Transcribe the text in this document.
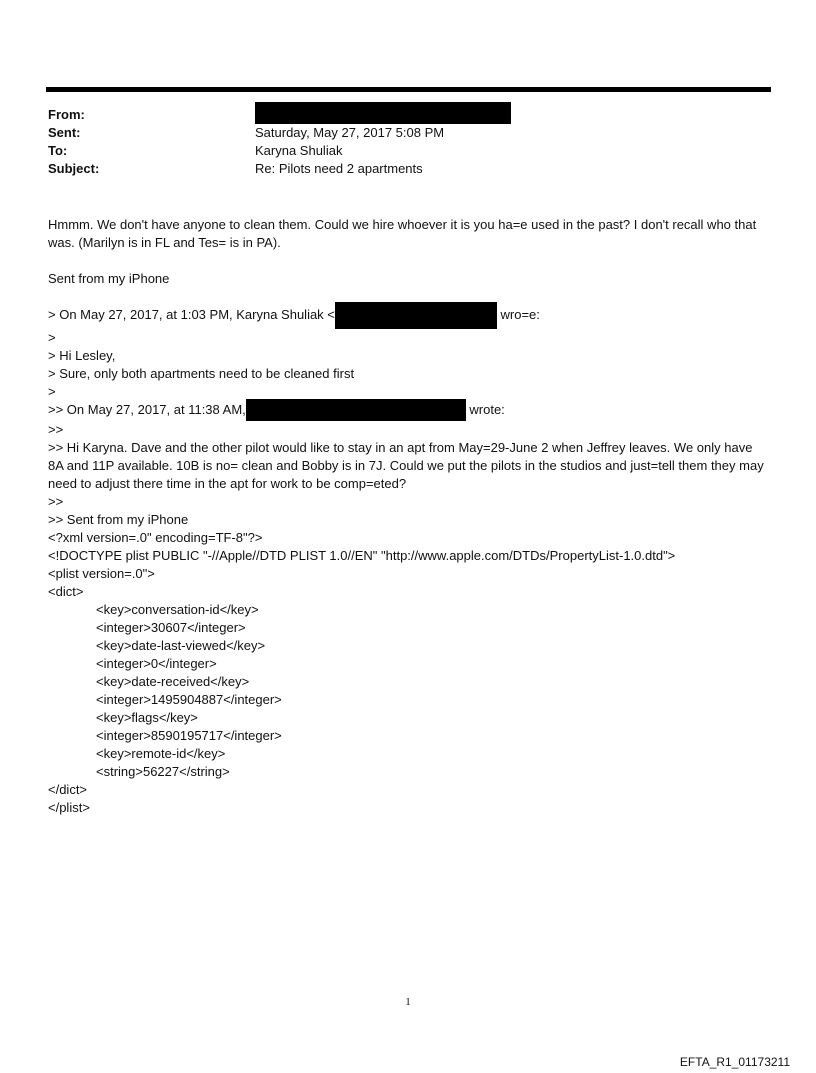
From:
Sent:	Saturday, May 27, 2017 5:08 PM
To:	Karyna Shuliak
Subject:	Re: Pilots need 2 apartments
Hmmm. We don't have anyone to clean them. Could we hire whoever it is you ha=e used in the past? I don't recall who that was. (Marilyn is in FL and Tes= is in PA).
Sent from my iPhone
> On May 27, 2017, at 1:03 PM, Karyna Shuliak <	wro=e:
>
> Hi Lesley,
> Sure, only both apartments need to be cleaned first
>
>> On May 27, 2017, at 11:38 AM,	wrote:
>>
>> Hi Karyna. Dave and the other pilot would like to stay in an apt from May=29-June 2 when Jeffrey leaves. We only have 8A and 11P available. 10B is no= clean and Bobby is in 7J. Could we put the pilots in the studios and just=tell them they may need to adjust there time in the apt for work to be comp=eted?
>>
>> Sent from my iPhone
<?xml version=.0" encoding=TF-8"?>
<!DOCTYPE plist PUBLIC "-//Apple//DTD PLIST 1.0//EN" "http://www.apple.com/DTDs/PropertyList-1.0.dtd">
<plist version=.0">
<dict>
<key>conversation-id</key>
<integer>30607</integer>
<key>date-last-viewed</key>
<integer>0</integer>
<key>date-received</key>
<integer>1495904887</integer>
<key>flags</key>
<integer>8590195717</integer>
<key>remote-id</key>
<string>56227</string>
</dict>
</plist>
1
EFTA_R1_01173211
